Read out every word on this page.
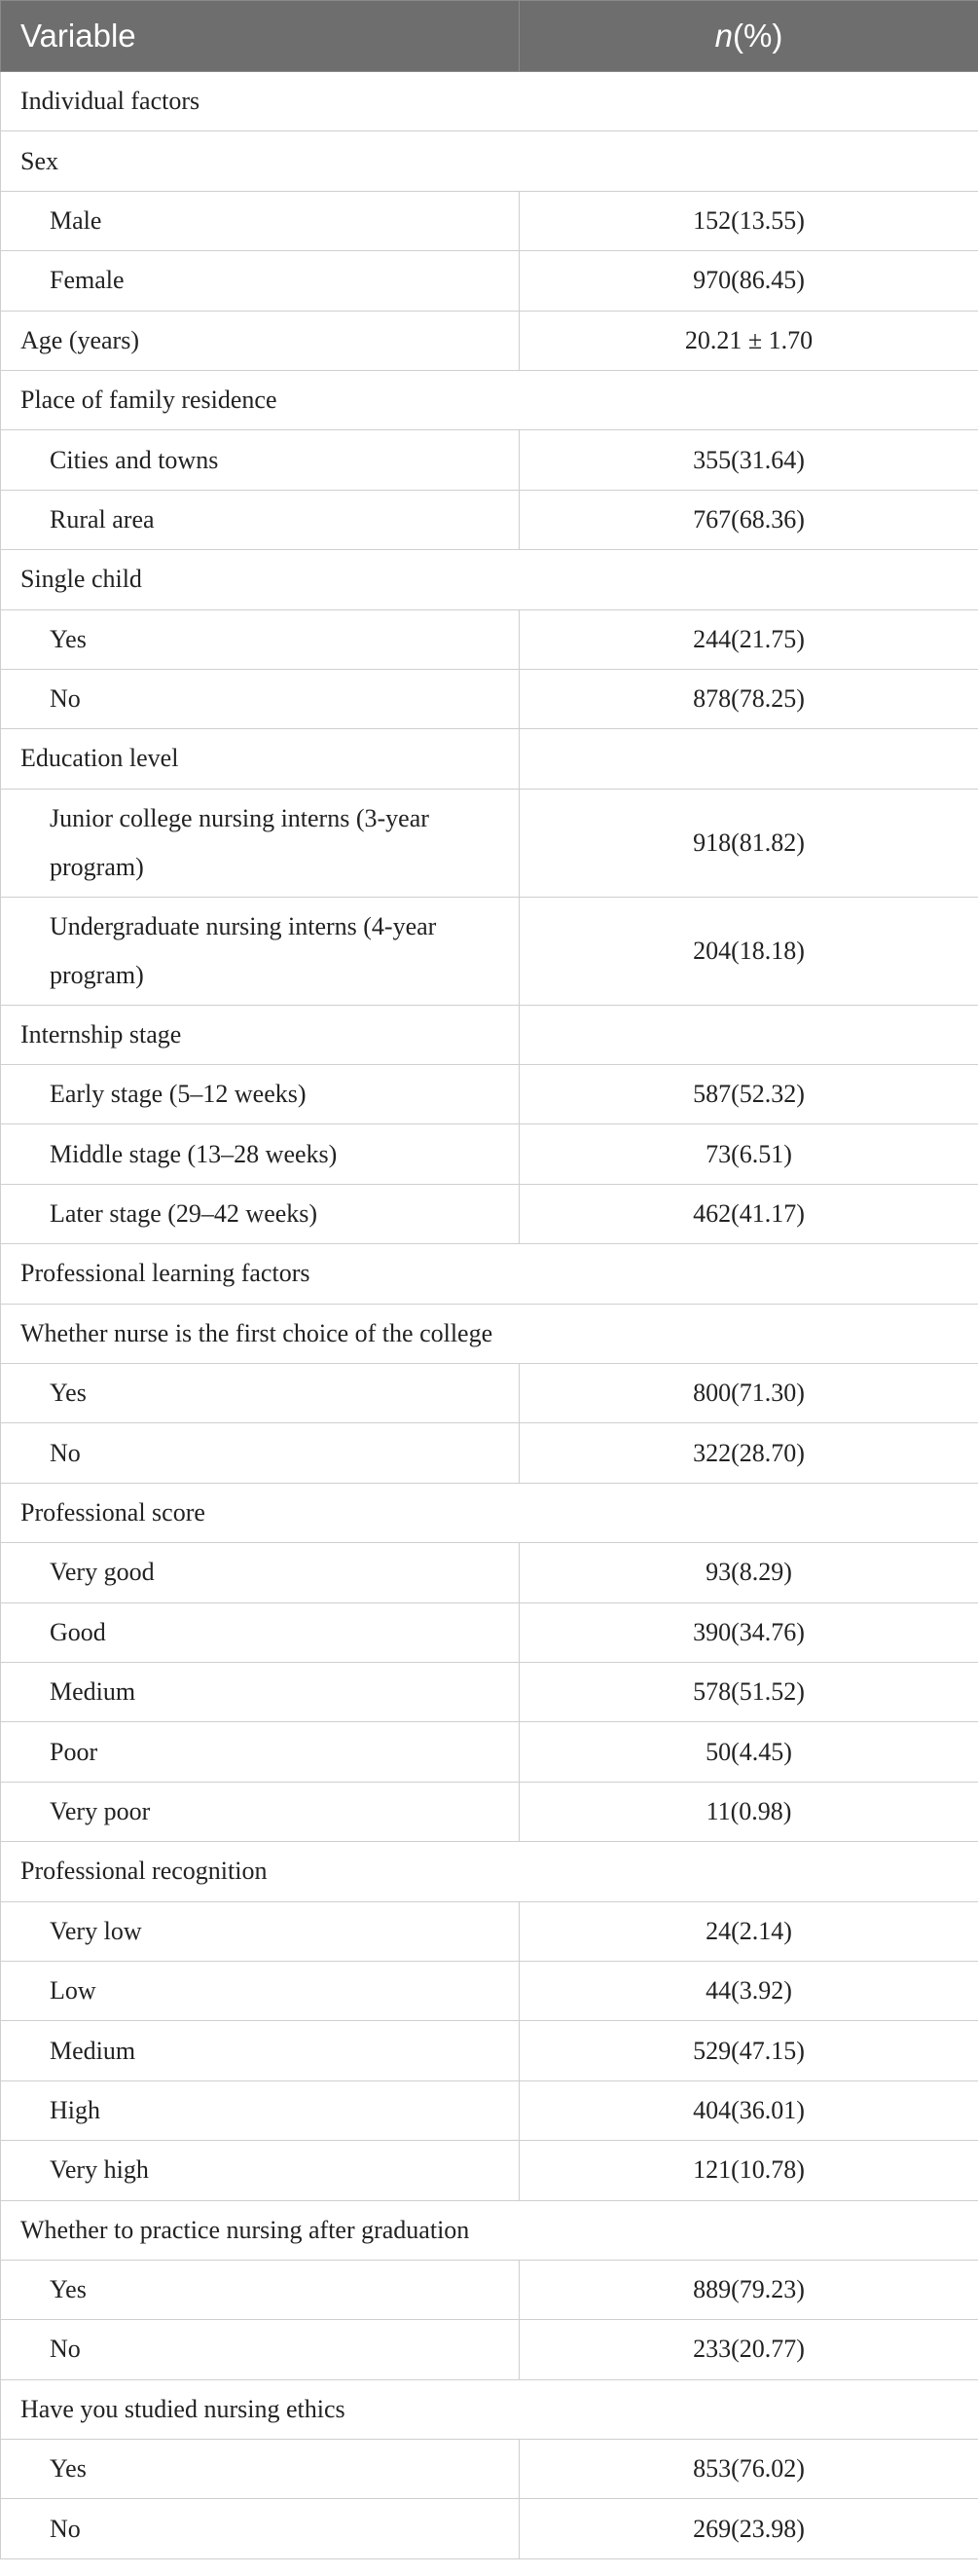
Variable	n(%)
Individual factors	
Sex	
Male	152(13.55)
Female	970(86.45)
Age (years)	20.21 ± 1.70
Place of family residence	
Cities and towns	355(31.64)
Rural area	767(68.36)
Single child	
Yes	244(21.75)
No	878(78.25)
Education level	
Junior college nursing interns (3-year program)	918(81.82)
Undergraduate nursing interns (4-year program)	204(18.18)
Internship stage	
Early stage (5–12 weeks)	587(52.32)
Middle stage (13–28 weeks)	73(6.51)
Later stage (29–42 weeks)	462(41.17)
Professional learning factors	
Whether nurse is the first choice of the college	
Yes	800(71.30)
No	322(28.70)
Professional score	
Very good	93(8.29)
Good	390(34.76)
Medium	578(51.52)
Poor	50(4.45)
Very poor	11(0.98)
Professional recognition	
Very low	24(2.14)
Low	44(3.92)
Medium	529(47.15)
High	404(36.01)
Very high	121(10.78)
Whether to practice nursing after graduation	
Yes	889(79.23)
No	233(20.77)
Have you studied nursing ethics	
Yes	853(76.02)
No	269(23.98)
